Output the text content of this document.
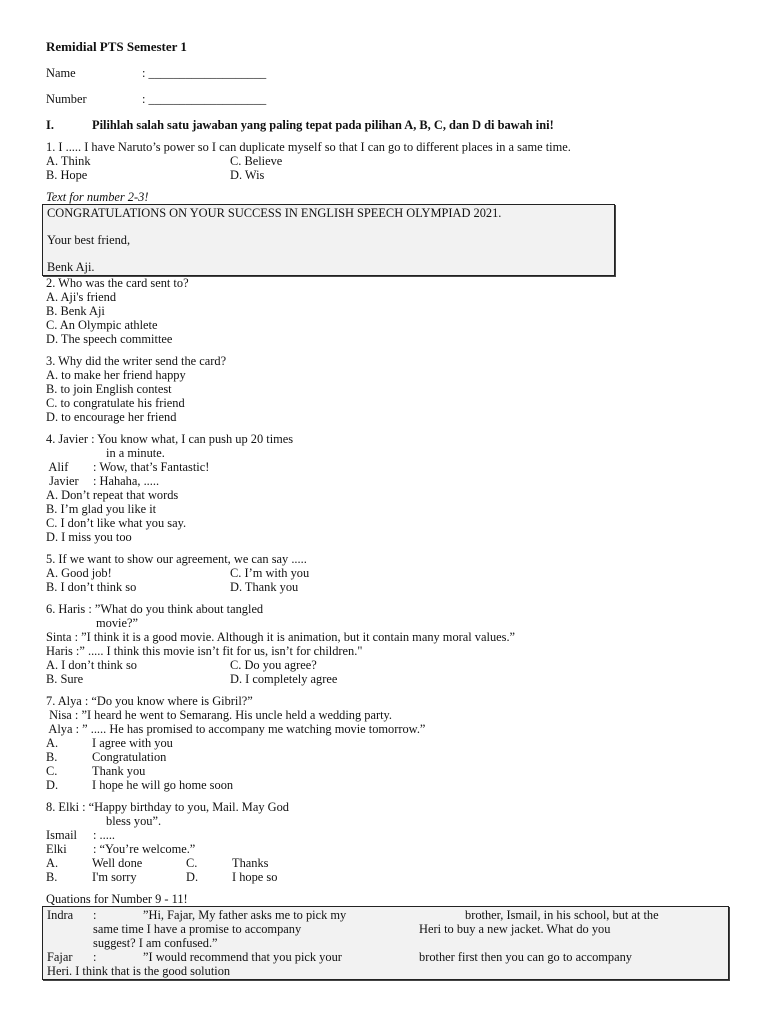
Remidial PTS Semester 1
Name	: ___________________
Number	: ___________________
I.	Pilihlah salah satu jawaban yang paling tepat pada pilihan A, B, C, dan D di bawah ini!
1. I ..... I have Naruto’s power so I can duplicate myself so that I can go to different places in a same time.
A. Think	C. Believe
B. Hope	D. Wis
Text for number 2-3!
CONGRATULATIONS ON YOUR SUCCESS IN ENGLISH SPEECH OLYMPIAD 2021.
Your best friend,
Benk Aji.
2. Who was the card sent to?
A. Aji's friend
B. Benk Aji
C. An Olympic athlete
D. The speech committee
3. Why did the writer send the card?
A. to make her friend happy
B. to join English contest
C. to congratulate his friend
D. to encourage her friend
4. Javier : You know what, I can push up 20 times
in a minute.
Alif : Wow, that’s Fantastic!
Javier : Hahaha, .....
A. Don’t repeat that words
B. I’m glad you like it
C. I don’t like what you say.
D. I miss you too
5. If we want to show our agreement, we can say .....
A. Good job!	C. I’m with you
B. I don’t think so	D. Thank you
6. Haris : ”What do you think about tangled
movie?”
Sinta : ”I think it is a good movie. Although it is animation, but it contain many moral values.”
Haris :” ..... I think this movie isn’t fit for us, isn’t for children."
A. I don’t think so	C. Do you agree?
B. Sure	D. I completely agree
7. Alya : “Do you know where is Gibril?”
Nisa : ”I heard he went to Semarang. His uncle held a wedding party.
Alya : ” ..... He has promised to accompany me watching movie tomorrow.”
A.	I agree with you
B.	Congratulation
C.	Thank you
D.	I hope he will go home soon
8. Elki : “Happy birthday to you, Mail. May God
bless you”.
Ismail : .....
Elki : “You’re welcome.”
A.	Well done	C.	Thanks
B.	I'm sorry	D.	I hope so
Quations for Number 9 - 11!
Indra :	”Hi, Fajar, My father asks me to pick my	brother, Ismail, in his school, but at the
same time I have a promise to accompany	Heri to buy a new jacket. What do you
suggest? I am confused.”
Fajar :	”I would recommend that you pick your	brother first then you can go to accompany
Heri. I think that is the good solution
